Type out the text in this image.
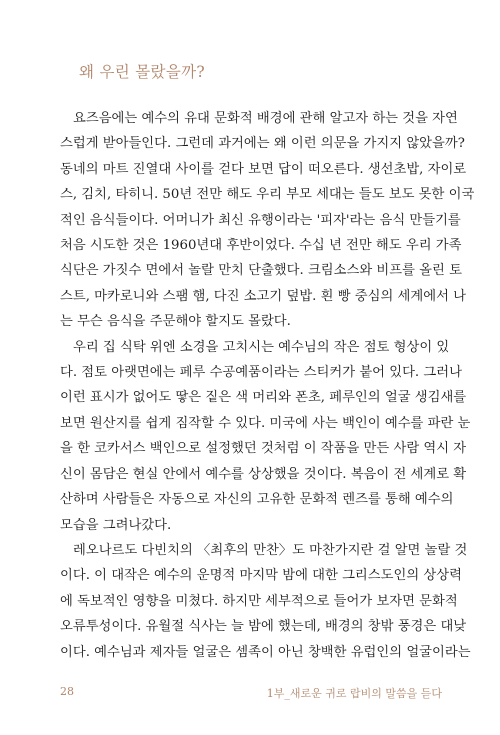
왜 우린 몰랐을까?

요즈음에는 예수의 유대 문화적 배경에 관해 알고자 하는 것을 자연
스럽게 받아들인다. 그런데 과거에는 왜 이런 의문을 가지지 않았을까?
동네의 마트 진열대 사이를 걷다 보면 답이 떠오른다. 생선초밥, 자이로
스, 김치, 타히니. 50년 전만 해도 우리 부모 세대는 들도 보도 못한 이국
적인 음식들이다. 어머니가 최신 유행이라는 '피자'라는 음식 만들기를
처음 시도한 것은 1960년대 후반이었다. 수십 년 전만 해도 우리 가족
식단은 가짓수 면에서 놀랄 만치 단출했다. 크림소스와 비프를 올린 토
스트, 마카로니와 스팸 햄, 다진 소고기 덮밥. 흰 빵 중심의 세계에서 나
는 무슨 음식을 주문해야 할지도 몰랐다.

우리 집 식탁 위엔 소경을 고치시는 예수님의 작은 점토 형상이 있
다. 점토 아랫면에는 페루 수공예품이라는 스티커가 붙어 있다. 그러나
이런 표시가 없어도 땋은 짙은 색 머리와 폰초, 페루인의 얼굴 생김새를
보면 원산지를 쉽게 짐작할 수 있다. 미국에 사는 백인이 예수를 파란 눈
을 한 코카서스 백인으로 설정했던 것처럼 이 작품을 만든 사람 역시 자
신이 몸담은 현실 안에서 예수를 상상했을 것이다. 복음이 전 세계로 확
산하며 사람들은 자동으로 자신의 고유한 문화적 렌즈를 통해 예수의
모습을 그려나갔다.

레오나르도 다빈치의 〈최후의 만찬〉도 마찬가지란 걸 알면 놀랄 것
이다. 이 대작은 예수의 운명적 마지막 밤에 대한 그리스도인의 상상력
에 독보적인 영향을 미쳤다. 하지만 세부적으로 들어가 보자면 문화적
오류투성이다. 유월절 식사는 늘 밤에 했는데, 배경의 창밖 풍경은 대낮
이다. 예수님과 제자들 얼굴은 셈족이 아닌 창백한 유럽인의 얼굴이라는

28	1부_새로운 귀로 랍비의 말씀을 듣다
